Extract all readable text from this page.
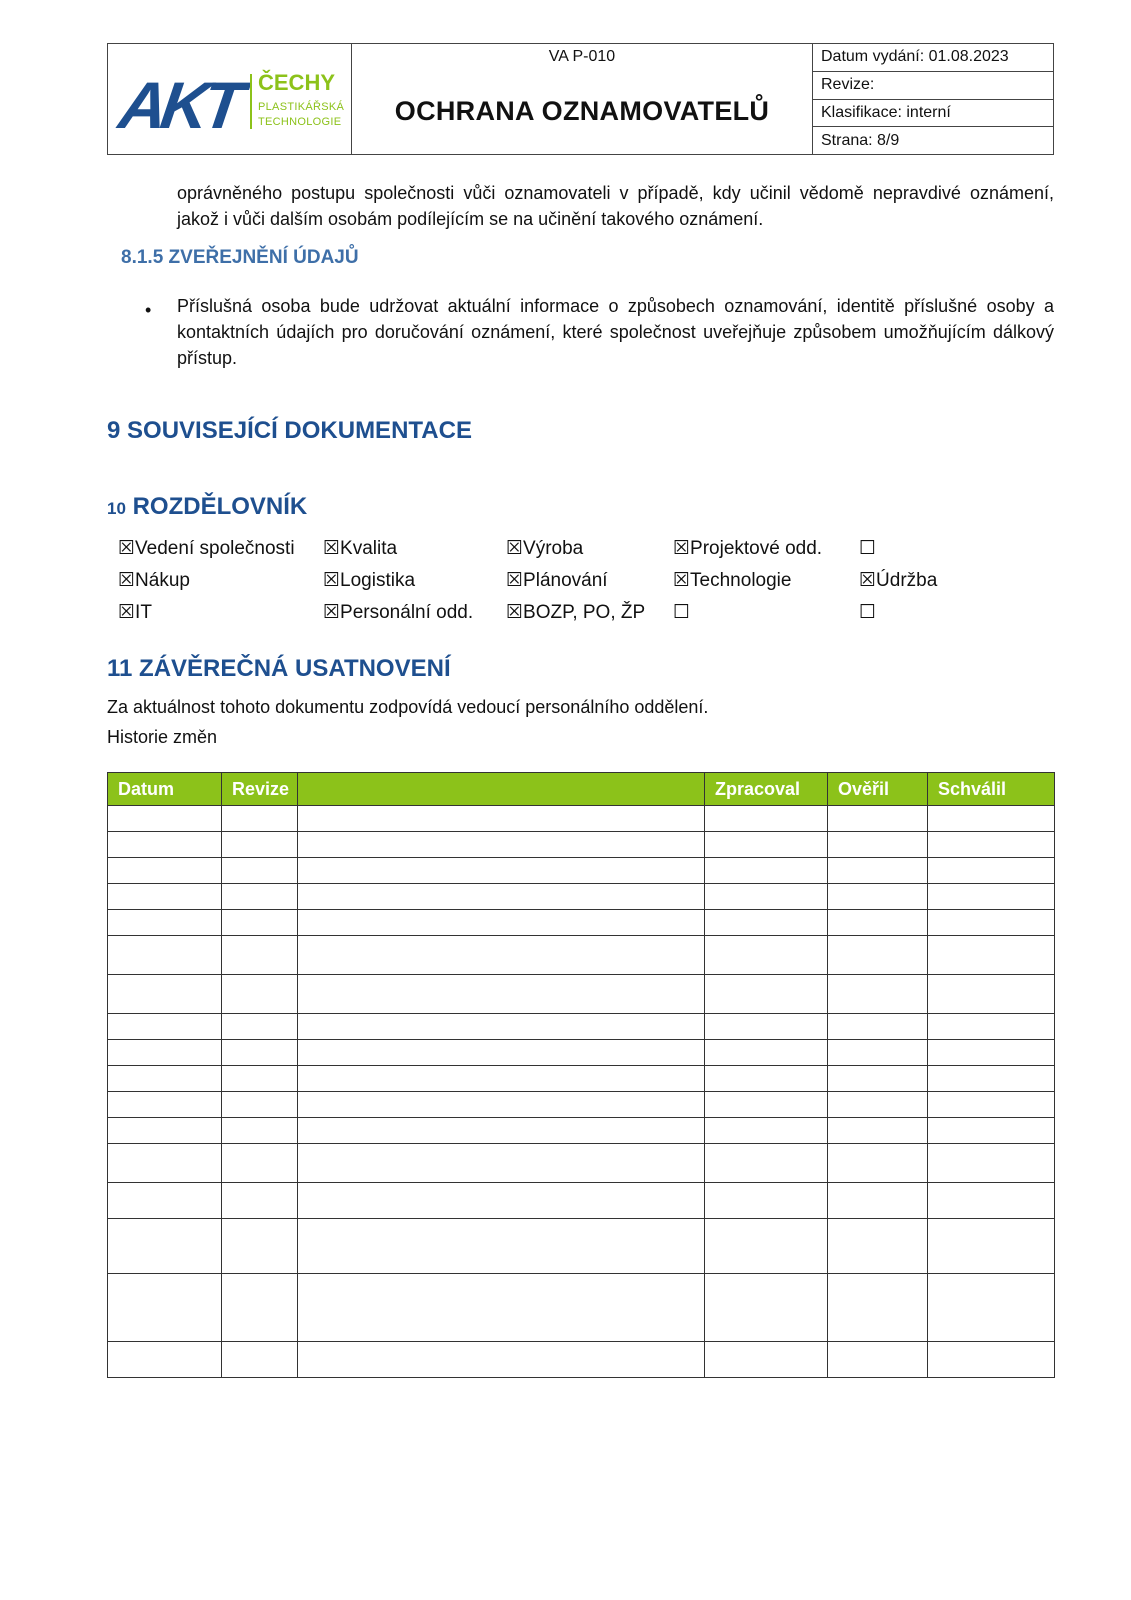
AKT ČECHY
PLASTIKÁŘSKÁ
TECHNOLOGIE
VA P-010
OCHRANA OZNAMOVATELŮ
Datum vydání: 01.08.2023
Revize:
Klasifikace: interní
Strana: 8/9

oprávněného postupu společnosti vůči oznamovateli v případě, kdy učinil vědomě nepravdivé oznámení, jakož i vůči dalším osobám podílejícím se na učinění takového oznámení.

8.1.5 ZVEŘEJNĚNÍ ÚDAJŮ
• Příslušná osoba bude udržovat aktuální informace o způsobech oznamování, identitě příslušné osoby a kontaktních údajích pro doručování oznámení, které společnost uveřejňuje způsobem umožňujícím dálkový přístup.

9 SOUVISEJÍCÍ DOKUMENTACE
10 ROZDĚLOVNÍK
☒Vedení společnosti ☒Kvalita	☒Výroba	☒Projektové odd. ☐
☒Nákup	☒Logistika	☒Plánování	☒Technologie	☒Údržba
☒IT	☒Personální odd. ☒BOZP, PO, ŽP ☐	☐
11 ZÁVĚREČNÁ USATNOVENÍ

Za aktuálnost tohoto dokumentu zodpovídá vedoucí personálního oddělení.

Historie změn

Datum	Revize		Zpracoval	Ověřil	Schválil
